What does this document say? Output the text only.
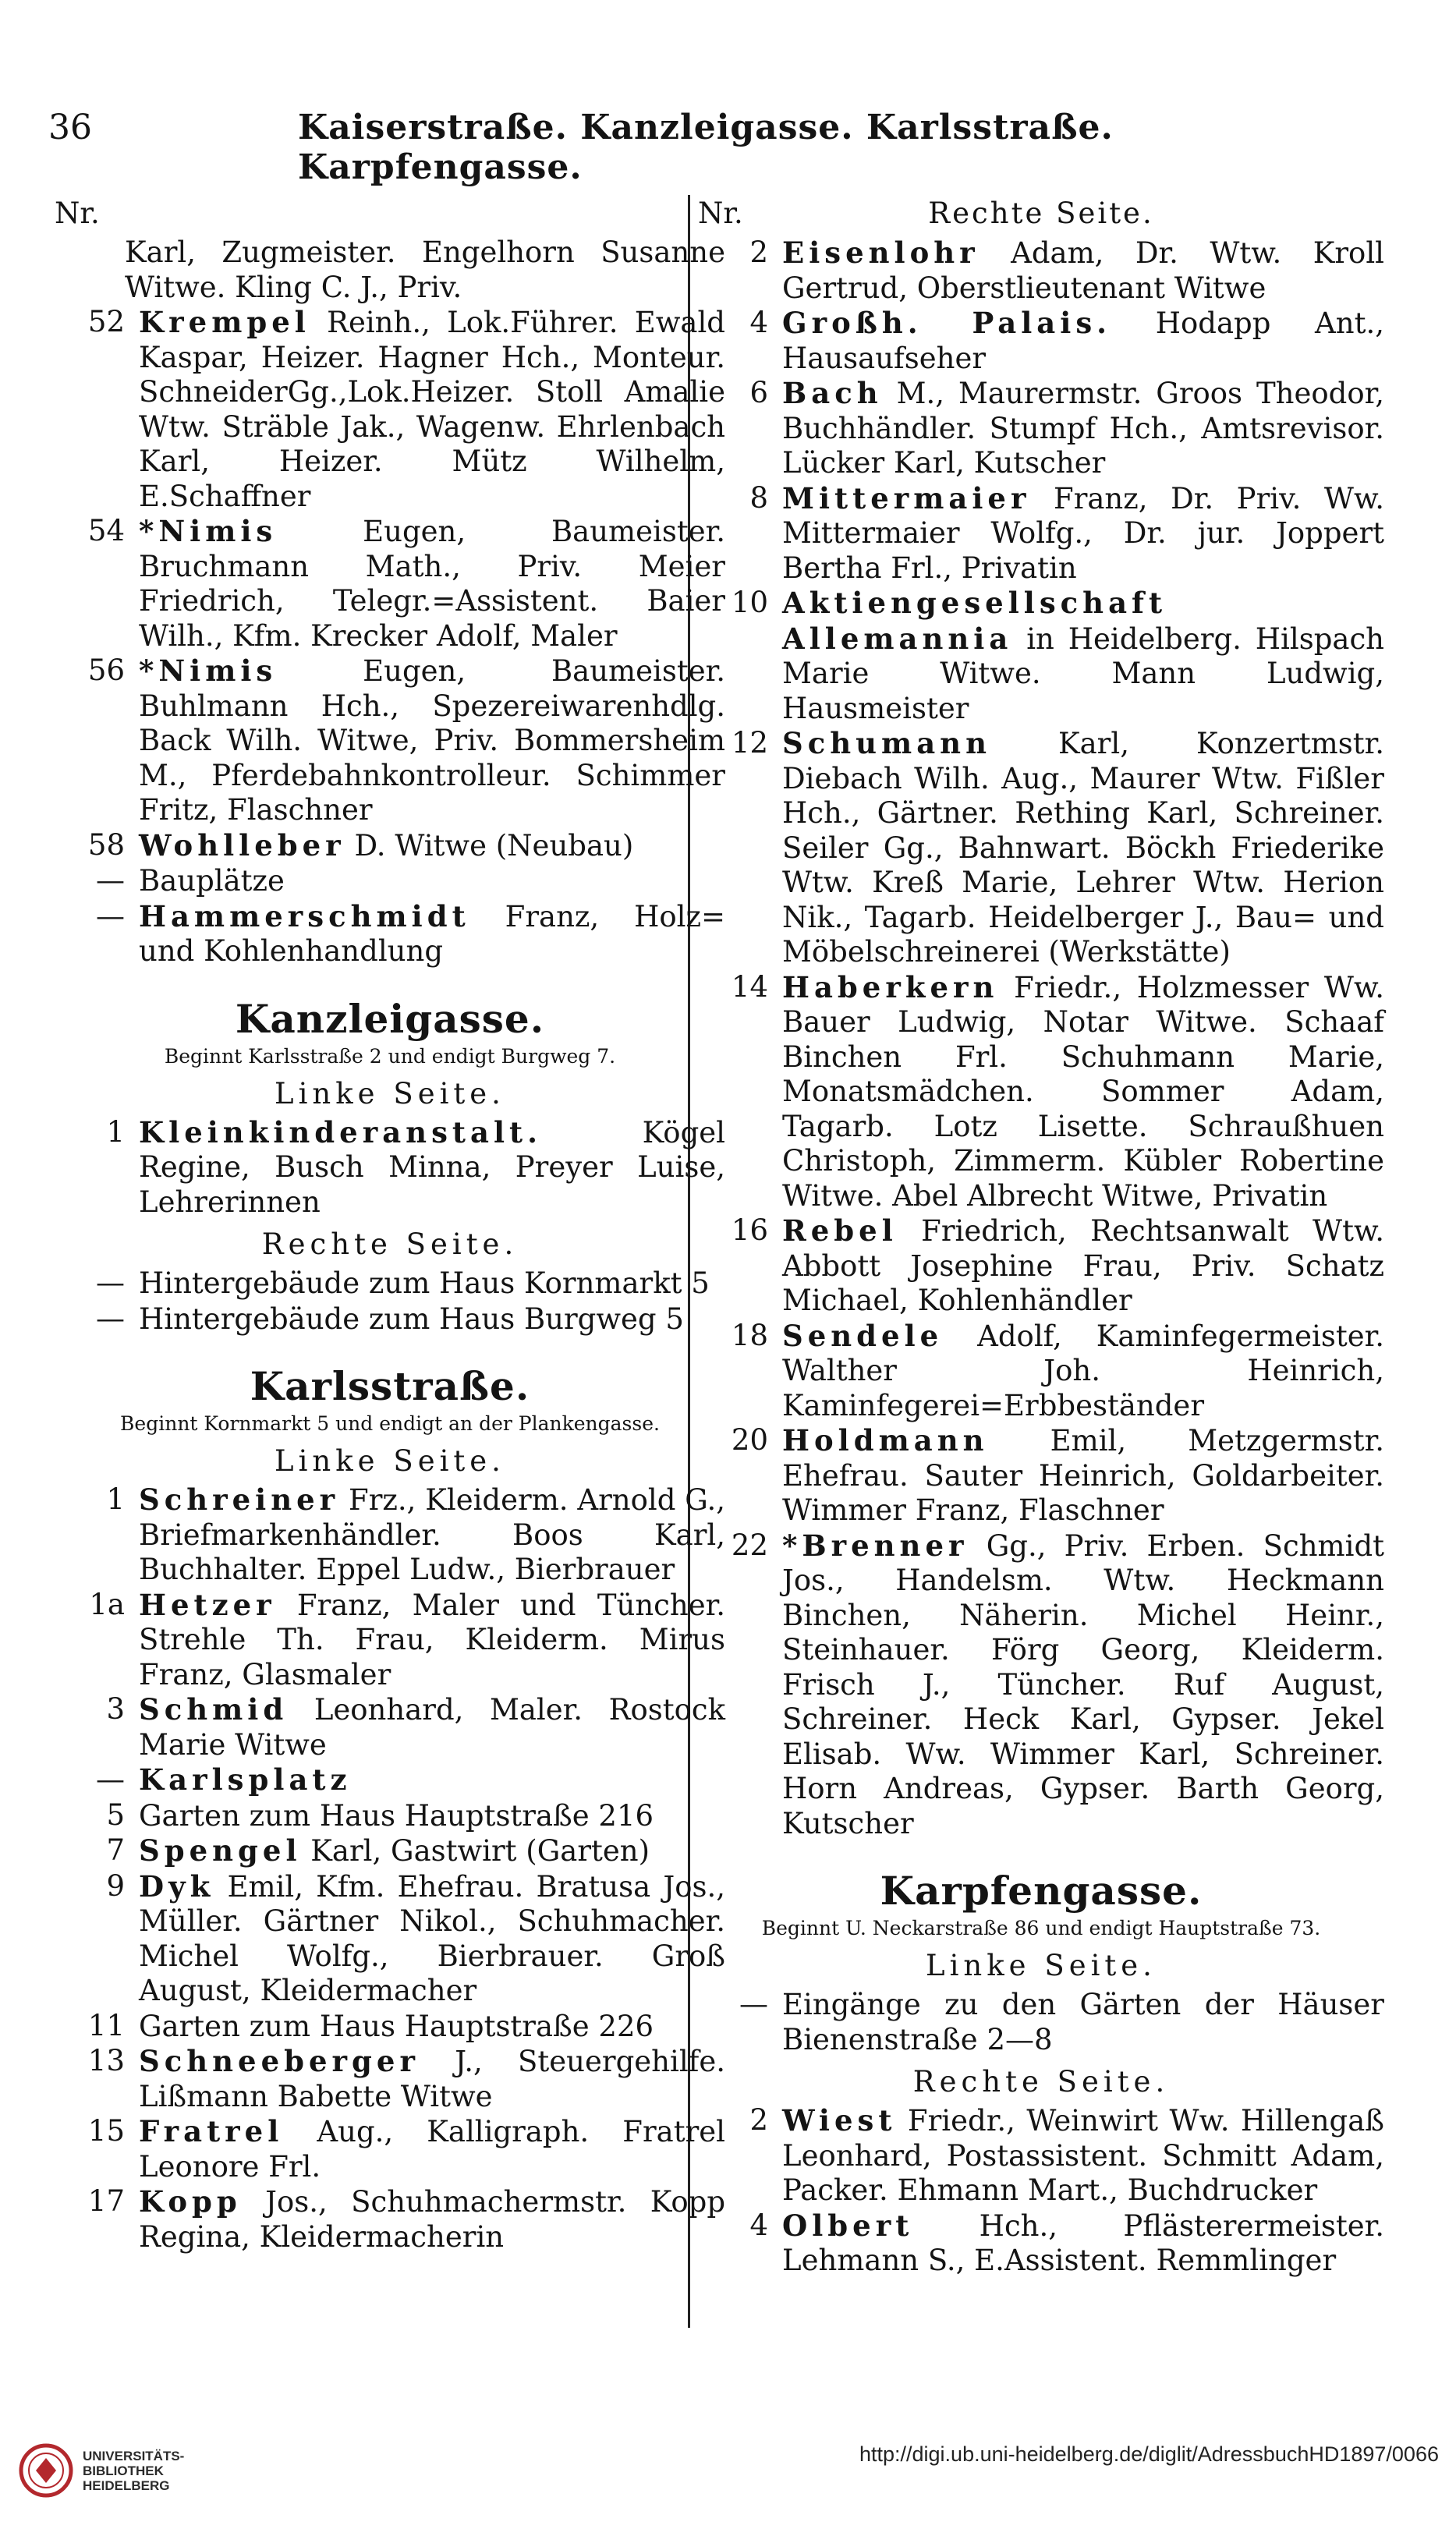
36	Kaiserstraße. Kanzleigasse. Karlsstraße. Karpfengasse.
Nr.
Karl, Zugmeister. Engelhorn Susanne Witwe. Kling C. J., Priv.
52 Krempel Reinh., Lok.Führer. Ewald Kaspar, Heizer. Hagner Hch., Monteur. SchneiderGg.,Lok.Heizer. Stoll Amalie Wtw. Sträble Jak., Wagenw. Ehrlenbach Karl, Heizer. Mütz Wilhelm, E.Schaffner
54 *Nimis	Eugen, Baumeister. Bruchmann Math., Priv. Meier Friedrich, Telegr.=Assistent. Baier Wilh., Kfm. Krecker Adolf, Maler
56 *Nimis	Eugen, Baumeister. Buhlmann Hch., Spezereiwarenhdlg. Back Wilh. Witwe, Priv. Bommersheim M., Pferdebahnkontrolleur. Schimmer Fritz, Flaschner
58 Wohlleber D. Witwe (Neubau)
— Bauplätze
— Hammerschmidt Franz, Holz= und Kohlenhandlung
Kanzleigasse.
Beginnt Karlsstraße 2 und endigt Burgweg 7.
Linke Seite.
1 Kleinkinderanstalt.	Kögel Regine, Busch Minna, Preyer Luise, Lehrerinnen
Rechte Seite.
— Hintergebäude zum Haus Kornmarkt 5
— Hintergebäude zum Haus Burgweg 5
Karlsstraße.
Beginnt Kornmarkt 5 und endigt an der Plankengasse.
Linke Seite.
1 Schreiner Frz., Kleiderm. Arnold G., Briefmarkenhändler. Boos Karl, Buchhalter. Eppel Ludw., Bierbrauer
1a Hetzer Franz, Maler und Tüncher. Strehle Th. Frau, Kleiderm. Mirus Franz, Glasmaler
3 Schmid Leonhard, Maler. Rostock Marie Witwe
— Karlsplatz
5 Garten zum Haus Hauptstraße 216
7 Spengel Karl, Gastwirt (Garten)
9 Dyk Emil, Kfm. Ehefrau. Bratusa Jos., Müller. Gärtner Nikol., Schuhmacher. Michel Wolfg., Bierbrauer. Groß August, Kleidermacher
11 Garten zum Haus Hauptstraße 226
13 Schneeberger J., Steuergehilfe. Lißmann Babette Witwe
15 Fratrel Aug., Kalligraph. Fratrel Leonore Frl.
17 Kopp Jos., Schuhmachermstr. Kopp Regina, Kleidermacherin
Nr.	Rechte Seite.
2 Eisenlohr Adam, Dr. Wtw. Kroll Gertrud, Oberstlieutenant Witwe
4 Großh. Palais. Hodapp Ant., Hausaufseher
6 Bach M., Maurermstr. Groos Theodor, Buchhändler. Stumpf Hch., Amtsrevisor. Lücker Karl, Kutscher
8 Mittermaier Franz, Dr. Priv. Ww. Mittermaier Wolfg., Dr. jur. Joppert Bertha Frl., Privatin
10 Aktiengesellschaft Allemannia in Heidelberg. Hilspach Marie Witwe. Mann Ludwig, Hausmeister
12 Schumann Karl, Konzertmstr. Diebach Wilh. Aug., Maurer Wtw. Fißler Hch., Gärtner. Rething Karl, Schreiner. Seiler Gg., Bahnwart. Böckh Friederike Wtw. Kreß Marie, Lehrer Wtw. Herion Nik., Tagarb. Heidelberger J., Bau= und Möbelschreinerei (Werkstätte)
14 Haberkern Friedr., Holzmesser Ww. Bauer Ludwig, Notar Witwe. Schaaf Binchen Frl. Schuhmann Marie, Monatsmädchen. Sommer Adam, Tagarb. Lotz Lisette. Schraußhuen Christoph, Zimmerm. Kübler Robertine Witwe. Abel Albrecht Witwe, Privatin
16 Rebel Friedrich, Rechtsanwalt Wtw. Abbott Josephine Frau, Priv. Schatz Michael, Kohlenhändler
18 Sendele Adolf, Kaminfegermeister. Walther Joh. Heinrich, Kaminfegerei=Erbbeständer
20 Holdmann Emil, Metzgermstr. Ehefrau. Sauter Heinrich, Goldarbeiter. Wimmer Franz, Flaschner
22 *Brenner Gg., Priv. Erben. Schmidt Jos., Handelsm. Wtw. Heckmann Binchen, Näherin. Michel Heinr., Steinhauer. Förg Georg, Kleiderm. Frisch J., Tüncher. Ruf August, Schreiner. Heck Karl, Gypser. Jekel Elisab. Ww. Wimmer Karl, Schreiner. Horn Andreas, Gypser. Barth Georg, Kutscher
Karpfengasse.
Beginnt U. Neckarstraße 86 und endigt Hauptstraße 73.
Linke Seite.
— Eingänge zu den Gärten der Häuser Bienenstraße 2—8
Rechte Seite.
2 Wiest Friedr., Weinwirt Ww. Hillengaß Leonhard, Postassistent. Schmitt Adam, Packer. Ehmann Mart., Buchdrucker
4 Olbert Hch., Pflästerermeister. Lehmann S., E.Assistent. Remmlinger
UNIVERSITÄTS-
BIBLIOTHEK
HEIDELBERG
http://digi.ub.uni-heidelberg.de/diglit/AdressbuchHD1897/0066
